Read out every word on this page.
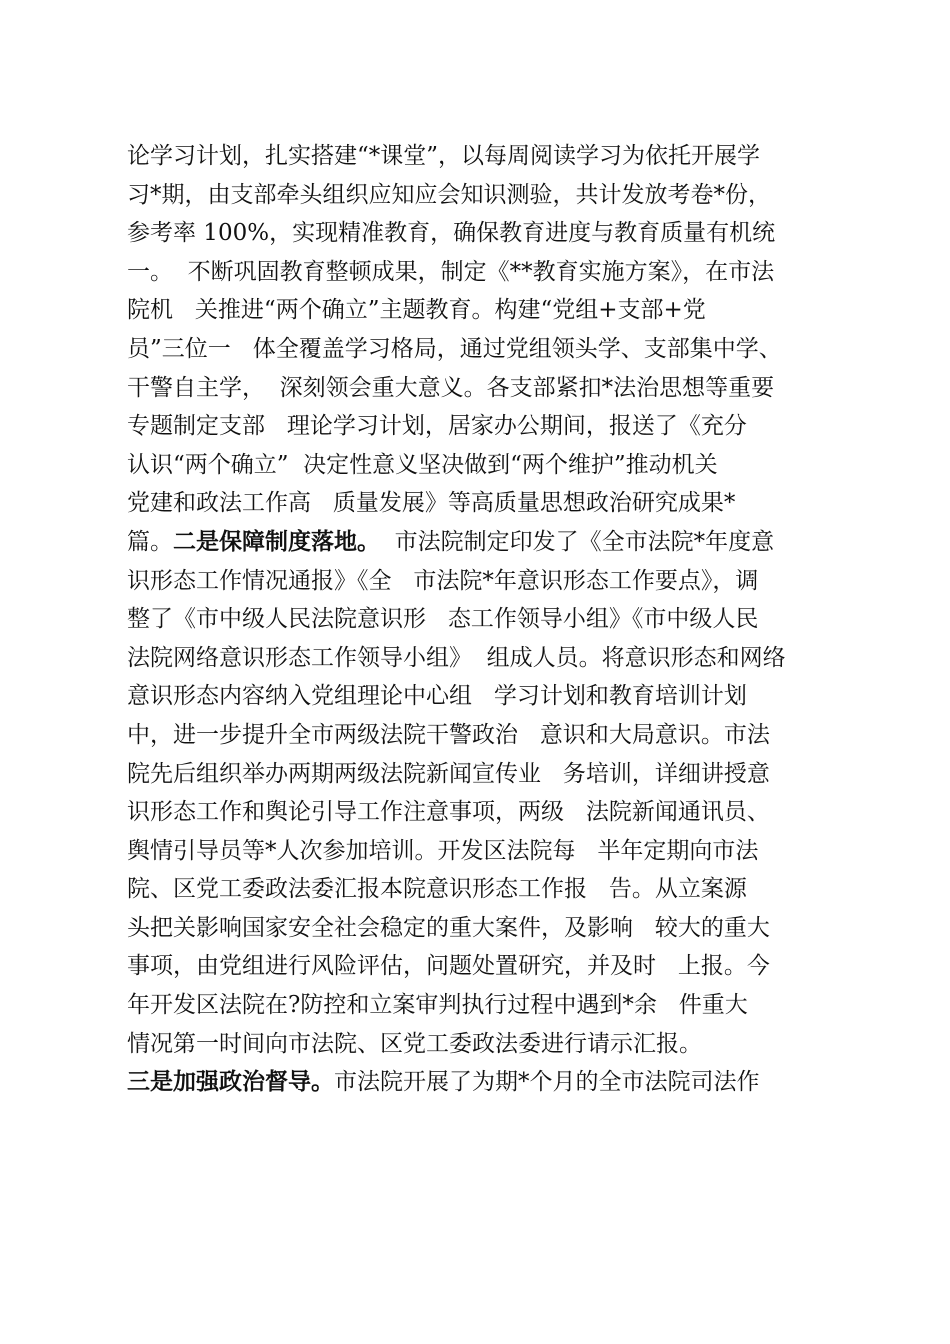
论学习计划，扎实搭建“*课堂”，以每周阅读学习为依托开展学
习*期，由支部牵头组织应知应会知识测验，共计发放考卷*份，
参考率 100%，实现精准教育，确保教育进度与教育质量有机统
一。  不断巩固教育整顿成果，制定《**教育实施方案》，在市法
院机   关推进“两个确立”主题教育。构建“党组+支部+党
员”三位一   体全覆盖学习格局，通过党组领头学、支部集中学、
干警自主学，  深刻领会重大意义。各支部紧扣*法治思想等重要
专题制定支部   理论学习计划，居家办公期间，报送了《充分
认识“两个确立”  决定性意义坚决做到“两个维护”推动机关
党建和政法工作高   质量发展》等高质量思想政治研究成果*
篇。二是保障制度落地。  市法院制定印发了《全市法院*年度意
识形态工作情况通报》《全   市法院*年意识形态工作要点》，调
整了《市中级人民法院意识形   态工作领导小组》《市中级人民
法院网络意识形态工作领导小组》  组成人员。将意识形态和网络
意识形态内容纳入党组理论中心组   学习计划和教育培训计划
中，进一步提升全市两级法院干警政治   意识和大局意识。市法
院先后组织举办两期两级法院新闻宣传业   务培训，详细讲授意
识形态工作和舆论引导工作注意事项，两级   法院新闻通讯员、
舆情引导员等*人次参加培训。开发区法院每   半年定期向市法
院、区党工委政法委汇报本院意识形态工作报   告。从立案源
头把关影响国家安全社会稳定的重大案件，及影响   较大的重大
事项，由党组进行风险评估，问题处置研究，并及时   上报。今
年开发区法院在?防控和立案审判执行过程中遇到*余   件重大
情况第一时间向市法院、区党工委政法委进行请示汇报。
三是加强政治督导。市法院开展了为期*个月的全市法院司法作
